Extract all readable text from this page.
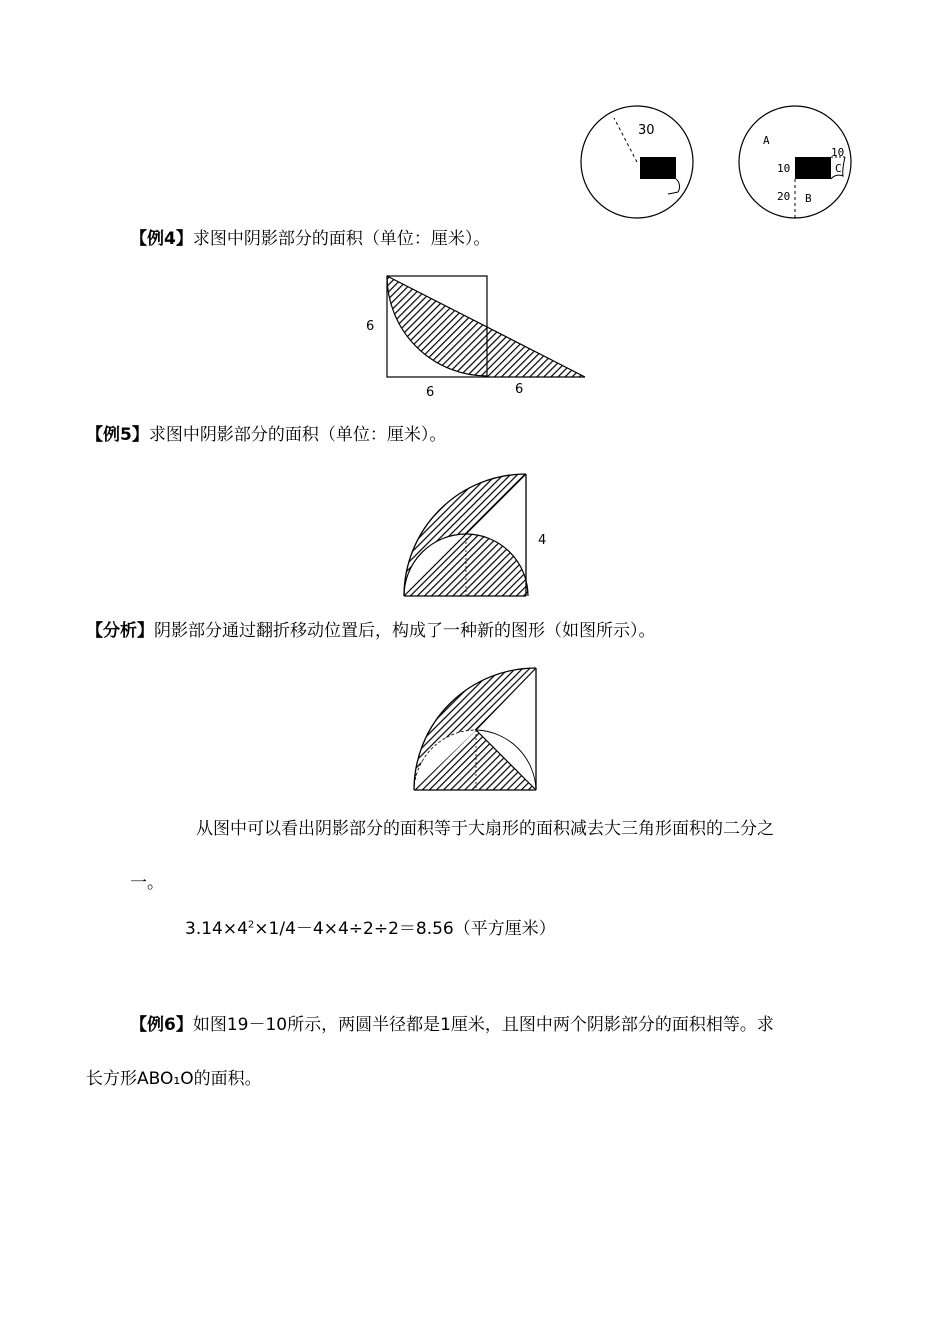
30
A
10
10
C
20 B
【例4】求图中阴影部分的面积（单位：厘米）。
6
6	6
【例5】求图中阴影部分的面积（单位：厘米）。
4
【分析】阴影部分通过翻折移动位置后，构成了一种新的图形（如图所示）。
从图中可以看出阴影部分的面积等于大扇形的面积减去大三角形面积的二分之
一。
$3.14\times 4^2\times 1/4-4\times 4\div 2\div 2=8.56$（平方厘米）
【例6】如图19－10所示，两圆半径都是1厘米，且图中两个阴影部分的面积相等。求
长方形ABO₁O的面积。
